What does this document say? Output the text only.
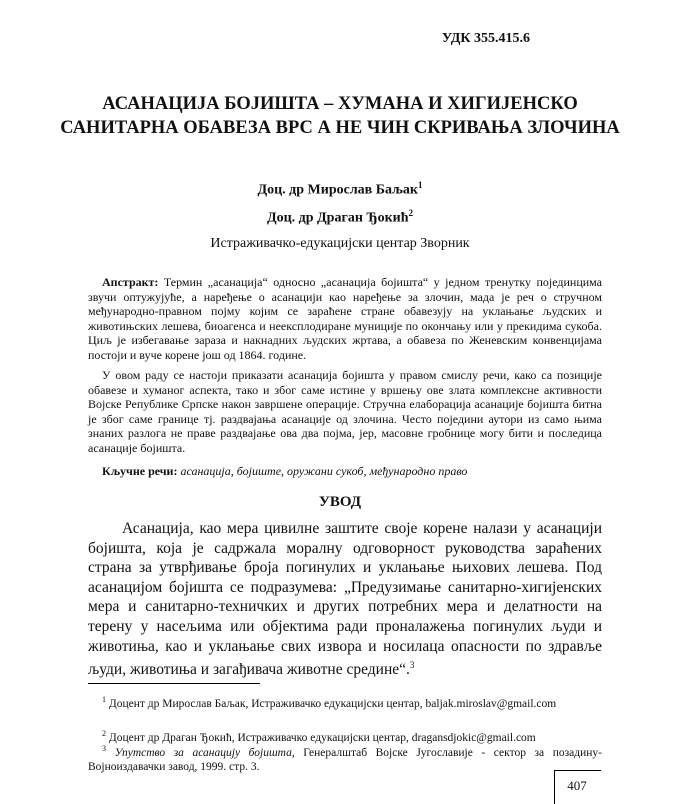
УДК 355.415.6
АСАНАЦИЈА БОЈИШТА – ХУМАНА И ХИГИЈЕНСКО САНИТАРНА ОБАВЕЗА ВРС А НЕ ЧИН СКРИВАЊА ЗЛОЧИНА
Доц. др Мирослав Баљак$^1$
Доц. др Драган Ђокић$^2$
Истраживачко-едукацијски центар Зворник
Апстракт: Термин „асанација“ односно „асанација бојишта“ у једном тренутку појединцима звучи оптужујуће, а наређење о асанацији као наређење за злочин, мада је реч о стручном међународно-правном појму којим се зараћене стране обавезују на уклањање људских и животињских лешева, биоагенса и неексплодиране муниције по окончању или у прекидима сукоба. Циљ је избегавање зараза и накнадних људских жртава, а обавеза по Женевским конвенцијама постоји и вуче корене још од 1864. године.
У овом раду се настоји приказати асанација бојишта у правом смислу речи, како са позиције обавезе и хуманог аспекта, тако и због саме истине у вршењу ове злата комплексне активности Војске Републике Српске након завршене операције. Стручна елаборација асанације бојишта битна је због саме границе тј. раздвајања асанације од злочина. Често поједини аутори из само њима знаних разлога не праве раздвајање ова два појма, јер, масовне гробнице могу бити и последица асанације бојишта.
Кључне речи: асанација, бојиште, оружани сукоб, међународно право
УВОД
Асанација, као мера цивилне заштите своје корене налази у асанацији бојишта, која је садржала моралну одговорност руководства зараћених страна за утврђивање броја погинулих и уклањање њихових лешева. Под асанацијом бојишта се подразумева: „Предузимање санитарно-хигијенских мера и санитарно-техничких и других потребних мера и делатности на терену у насељима или објектима ради проналажења погинулих људи и животиња, као и уклањање свих извора и носилаца опасности по здравље људи, животиња и загађивача животне средине“.$^3$
$^1$ Доцент др Мирослав Баљак, Истраживачко едукацијски центар, baljak.miroslav@gmail.com
$^2$ Доцент др Драган Ђокић, Истраживачко едукацијски центар, dragansdjokic@gmail.com
$^3$ Упутство за асанацију бојишта, Генералштаб Војске Југославије - сектор за позадину-Војноиздавачки завод, 1999. стр. 3.
407
